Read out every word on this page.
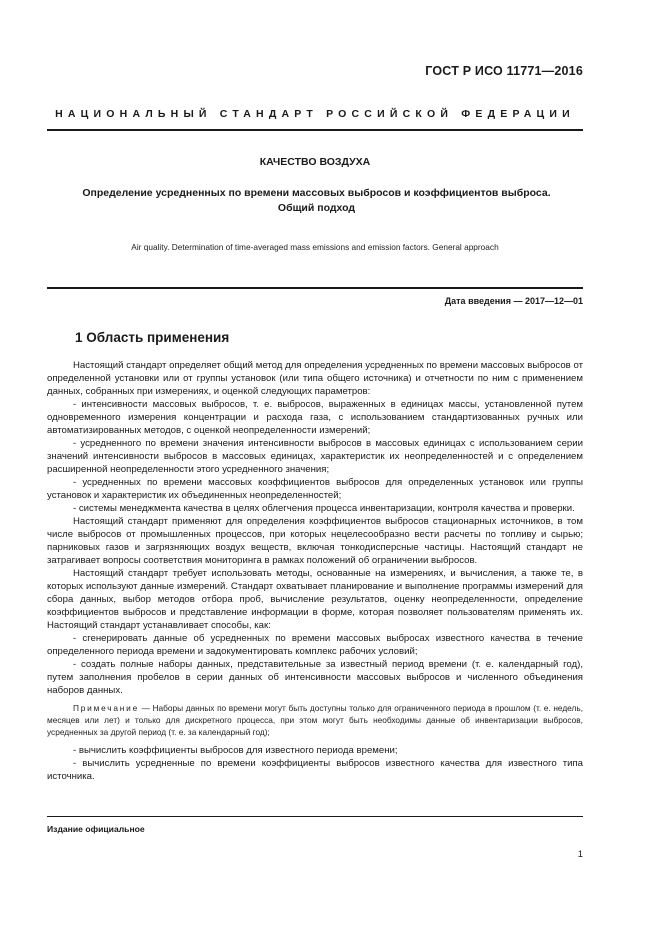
ГОСТ Р ИСО 11771—2016
НАЦИОНАЛЬНЫЙ СТАНДАРТ РОССИЙСКОЙ ФЕДЕРАЦИИ
КАЧЕСТВО ВОЗДУХА
Определение усредненных по времени массовых выбросов и коэффициентов выброса.
Общий подход
Air quality. Determination of time-averaged mass emissions and emission factors. General approach
Дата введения — 2017—12—01
1 Область применения

Настоящий стандарт определяет общий метод для определения усредненных по времени массовых выбросов от определенной установки или от группы установок (или типа общего источника) и отчетности по ним с применением данных, собранных при измерениях, и оценкой следующих параметров:

- интенсивности массовых выбросов, т. е. выбросов, выраженных в единицах массы, установленной путем одновременного измерения концентрации и расхода газа, с использованием стандартизованных ручных или автоматизированных методов, с оценкой неопределенности измерений;

- усредненного по времени значения интенсивности выбросов в массовых единицах с использованием серии значений интенсивности выбросов в массовых единицах, характеристик их неопределенностей и с определением расширенной неопределенности этого усредненного значения;

- усредненных по времени массовых коэффициентов выбросов для определенных установок или группы установок и характеристик их объединенных неопределенностей;

- системы менеджмента качества в целях облегчения процесса инвентаризации, контроля качества и проверки.

Настоящий стандарт применяют для определения коэффициентов выбросов стационарных источников, в том числе выбросов от промышленных процессов, при которых нецелесообразно вести расчеты по топливу и сырью; парниковых газов и загрязняющих воздух веществ, включая тонкодисперсные частицы. Настоящий стандарт не затрагивает вопросы соответствия мониторинга в рамках положений об ограничении выбросов.

Настоящий стандарт требует использовать методы, основанные на измерениях, и вычисления, а также те, в которых используют данные измерений. Стандарт охватывает планирование и выполнение программы измерений для сбора данных, выбор методов отбора проб, вычисление результатов, оценку неопределенности, определение коэффициентов выбросов и представление информации в форме, которая позволяет пользователям применять их. Настоящий стандарт устанавливает способы, как:

- сгенерировать данные об усредненных по времени массовых выбросах известного качества в течение определенного периода времени и задокументировать комплекс рабочих условий;

- создать полные наборы данных, представительные за известный период времени (т. е. календарный год), путем заполнения пробелов в серии данных об интенсивности массовых выбросов и численного объединения наборов данных.

Примечание — Наборы данных по времени могут быть доступны только для ограниченного периода в прошлом (т. е. недель, месяцев или лет) и только для дискретного процесса, при этом могут быть необходимы данные об инвентаризации выбросов, усредненных за другой период (т. е. за календарный год);

- вычислить коэффициенты выбросов для известного периода времени;

- вычислить усредненные по времени коэффициенты выбросов известного качества для известного типа источника.

Издание официальное
1
